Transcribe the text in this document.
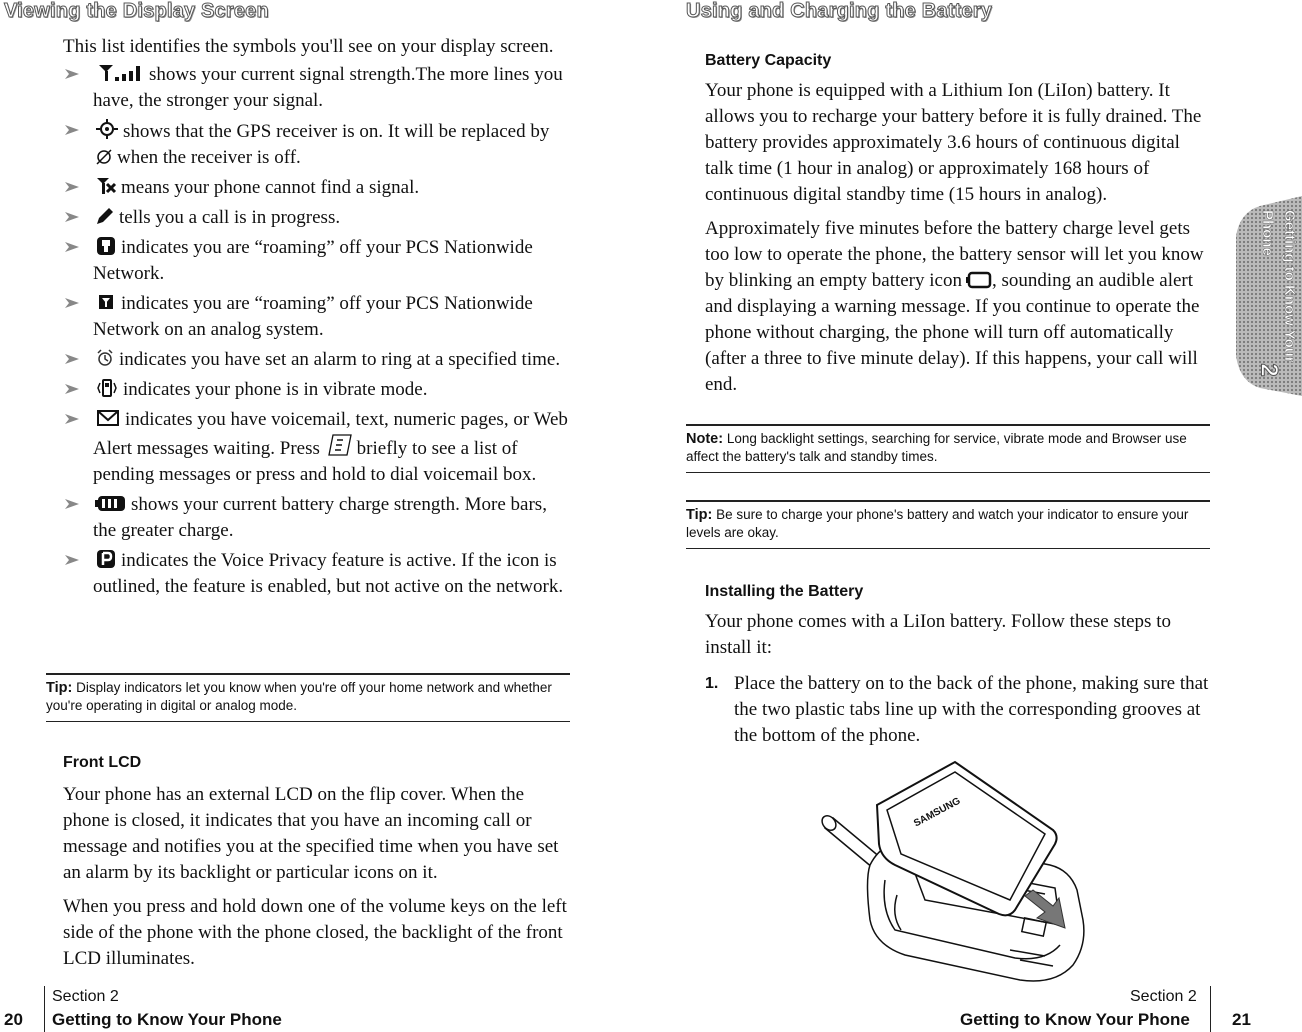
Viewing the Display Screen
This list identifies the symbols you'll see on your display screen.
shows your current signal strength.The more lines you have, the stronger your signal.
shows that the GPS receiver is on. It will be replaced by when the receiver is off.
means your phone cannot find a signal.
tells you a call is in progress.
indicates you are “roaming” off your PCS Nationwide Network.
indicates you are “roaming” off your PCS Nationwide Network on an analog system.
indicates you have set an alarm to ring at a specified time.
indicates your phone is in vibrate mode.
indicates you have voicemail, text, numeric pages, or Web Alert messages waiting. Press briefly to see a list of pending messages or press and hold to dial voicemail box.
shows your current battery charge strength. More bars, the greater charge.
indicates the Voice Privacy feature is active. If the icon is outlined, the feature is enabled, but not active on the network.
Tip: Display indicators let you know when you're off your home network and whether you're operating in digital or analog mode.
Front LCD

Your phone has an external LCD on the flip cover. When the phone is closed, it indicates that you have an incoming call or message and notifies you at the specified time when you have set an alarm by its backlight or particular icons on it.

When you press and hold down one of the volume keys on the left side of the phone with the phone closed, the backlight of the front LCD illuminates.

20
Section 2
Getting to Know Your Phone
Using and Charging the Battery
Battery Capacity

Your phone is equipped with a Lithium Ion (LiIon) battery. It allows you to recharge your battery before it is fully drained. The battery provides approximately 3.6 hours of continuous digital talk time (1 hour in analog) or approximately 168 hours of continuous digital standby time (15 hours in analog).

Approximately five minutes before the battery charge level gets too low to operate the phone, the battery sensor will let you know by blinking an empty battery icon , sounding an audible alert and displaying a warning message. If you continue to operate the phone without charging, the phone will turn off automatically (after a three to five minute delay). If this happens, your call will end.

Note: Long backlight settings, searching for service, vibrate mode and Browser use affect the battery's talk and standby times.
Tip: Be sure to charge your phone's battery and watch your indicator to ensure your levels are okay.
Installing the Battery
Your phone comes with a LiIon battery. Follow these steps to install it:
1. Place the battery on to the back of the phone, making sure that the two plastic tabs line up with the corresponding grooves at the bottom of the phone.
Getting to Know Your Phone
2
SAMSUNG
Section 2
Getting to Know Your Phone 21
